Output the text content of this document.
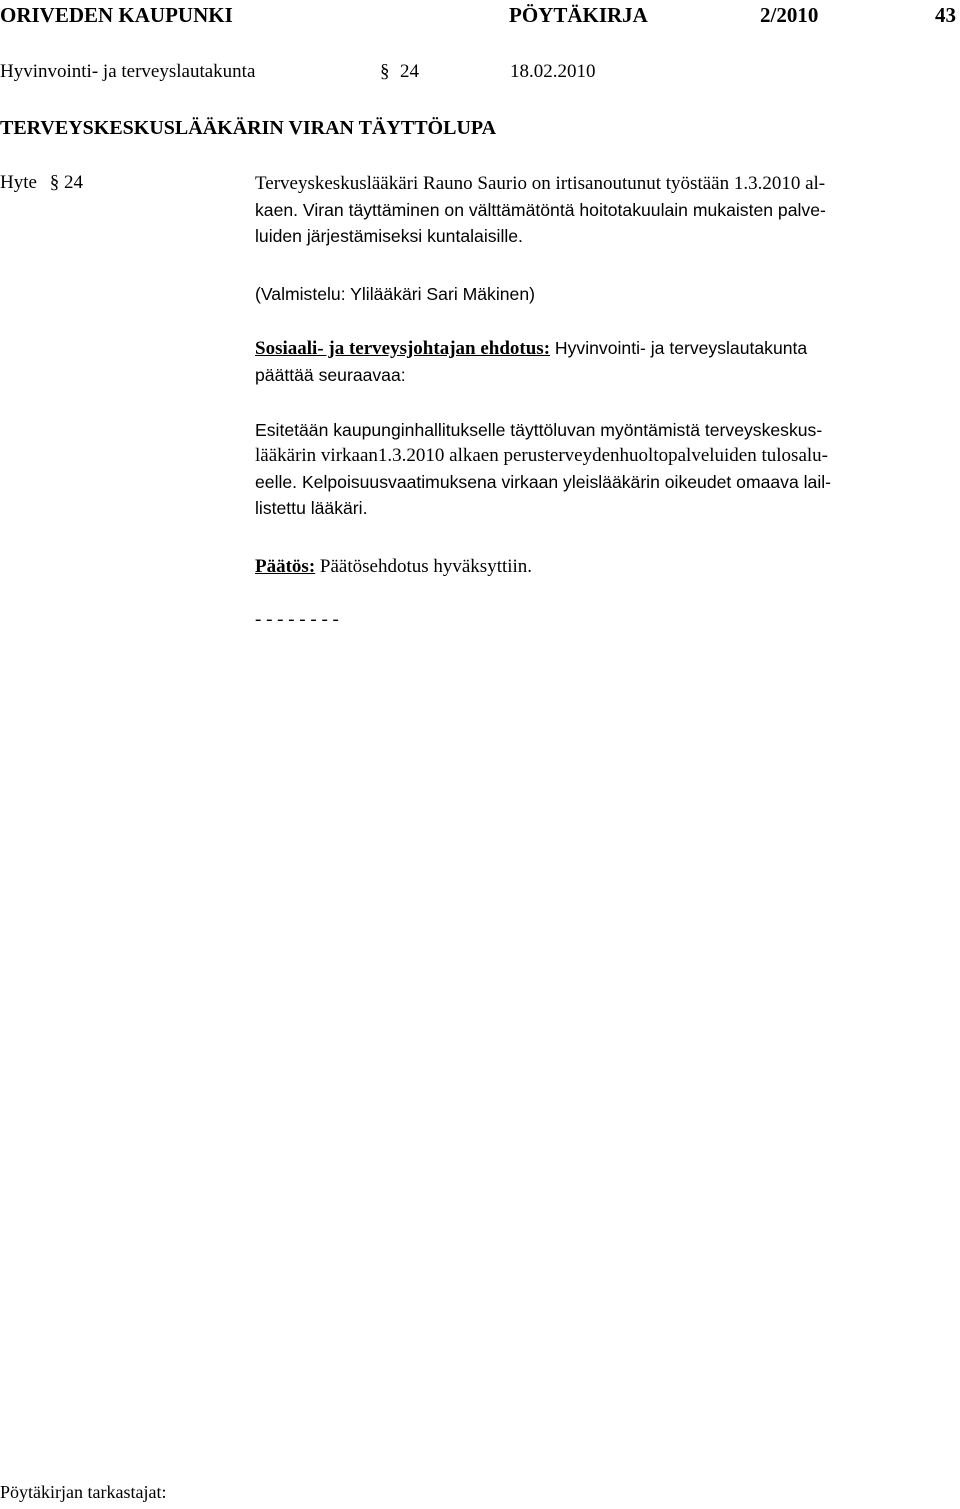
ORIVEDEN KAUPUNKI	PÖYTÄKIRJA	2/2010	43
Hyvinvointi- ja terveyslautakunta	§ 24	18.02.2010
TERVEYSKESKUSLÄÄKÄRIN VIRAN TÄYTTÖLUPA
Hyte § 24	Terveyskeskuslääkäri Rauno Saurio on irtisanoutunut työstään 1.3.2010 al-
kaen. Viran täyttäminen on välttämätöntä hoitotakuulain mukaisten palve-
luiden järjestämiseksi kuntalaisille.
(Valmistelu: Ylilääkäri Sari Mäkinen)
Sosiaali- ja terveysjohtajan ehdotus: Hyvinvointi- ja terveyslautakunta
päättää seuraavaa:
Esitetään kaupunginhallitukselle täyttöluvan myöntämistä terveyskeskus-
lääkärin virkaan1.3.2010 alkaen perusterveydenhuoltopalveluiden tulosalu-
eelle. Kelpoisuusvaatimuksena virkaan yleislääkärin oikeudet omaava lail-
listettu lääkäri.
Päätös: Päätösehdotus hyväksyttiin.
- - - - - - - -
Pöytäkirjan tarkastajat:
